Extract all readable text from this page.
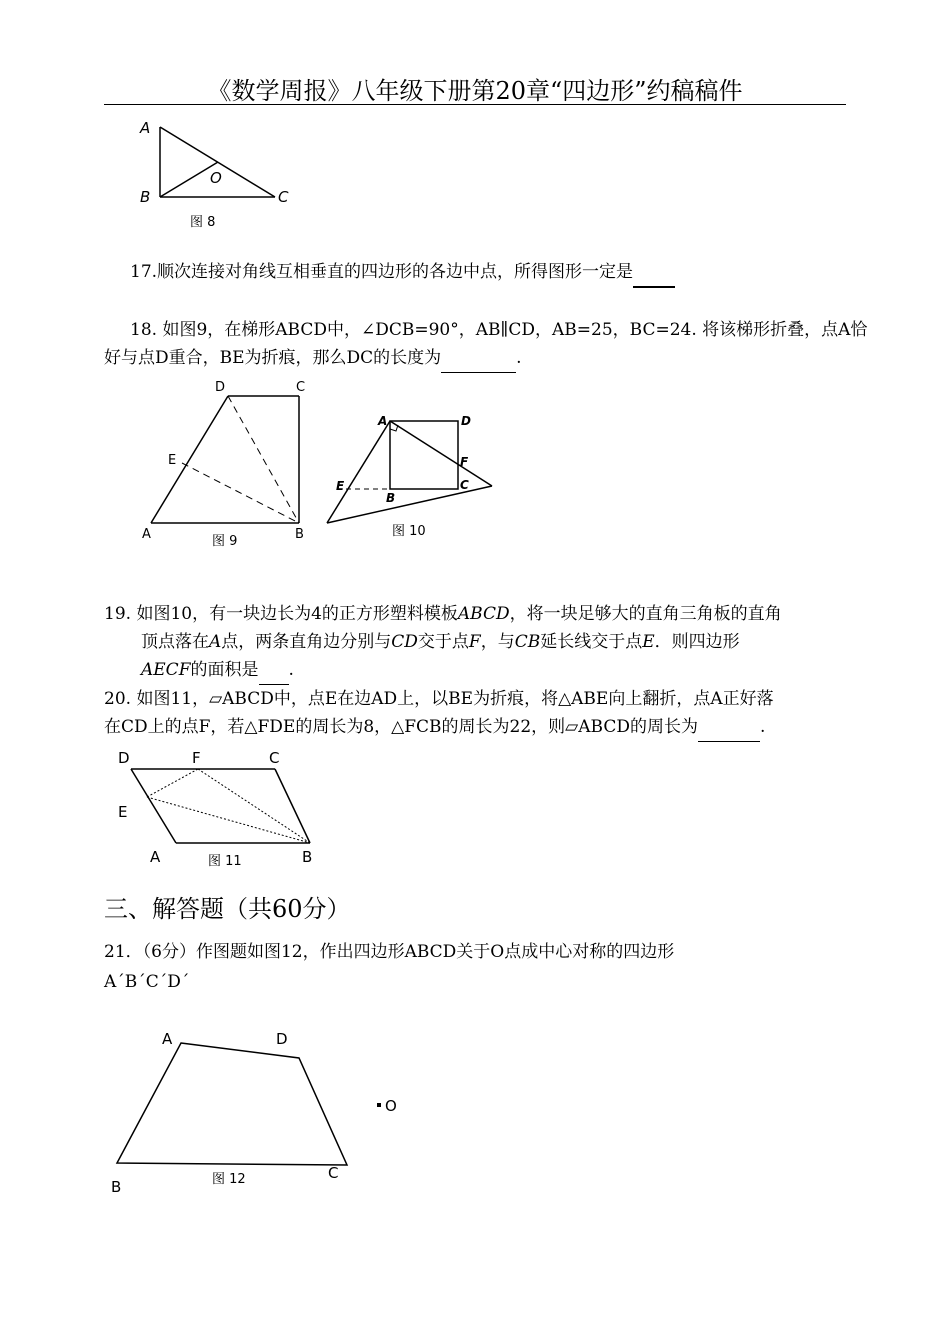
《数学周报》八年级下册第20章“四边形”约稿稿件
A
B	C
O
图 8
17.顺次连接对角线互相垂直的四边形的各边中点，所得图形一定是
18. 如图9，在梯形ABCD中，∠DCB=90°，AB∥CD，AB=25，BC=24. 将该梯形折叠，点A恰
好与点D重合，BE为折痕，那么DC的长度为	.
D	C
E
A	B
图 9
A	D
F
C
B
E
图 10
19. 如图10，有一块边长为4的正方形塑料模板ABCD，将一块足够大的直角三角板的直角
顶点落在A点，两条直角边分别与CD交于点F，与CB延长线交于点E．则四边形
AECF的面积是 .
20. 如图11，▱ABCD中，点E在边AD上，以BE为折痕，将△ABE向上翻折，点A正好落
在CD上的点F，若△FDE的周长为8，△FCB的周长为22，则▱ABCD的周长为	.
D	F	C
E
A	B
图 11
三、解答题（共60分）
21．（6分）作图题如图12，作出四边形ABCD关于O点成中心对称的四边形
A´B´C´D´
A	D
B
C
O
图 12
